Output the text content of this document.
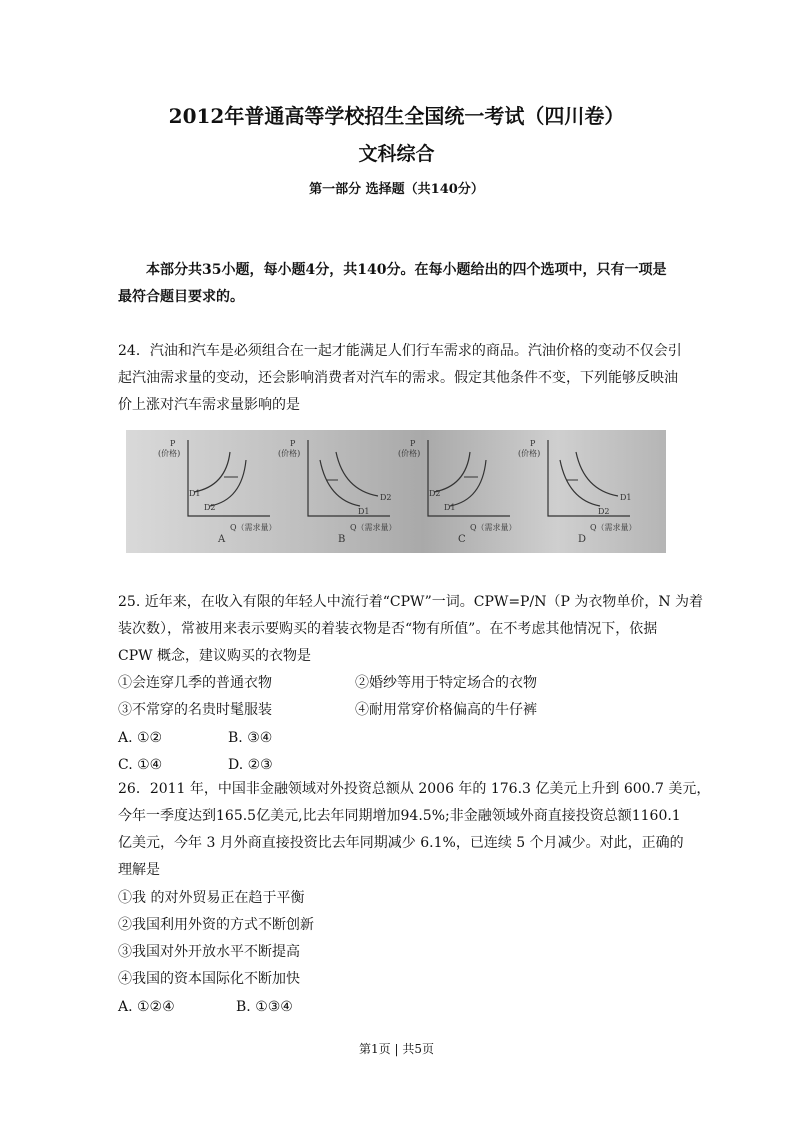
2012年普通高等学校招生全国统一考试（四川卷）
文科综合
第一部分 选择题（共140分）
本部分共35小题，每小题4分，共140分。在每小题给出的四个选项中，只有一项是
最符合题目要求的。
24．汽油和汽车是必须组合在一起才能满足人们行车需求的商品。汽油价格的变动不仅会引
起汽油需求量的变动，还会影响消费者对汽车的需求。假定其他条件不变，下列能够反映油
价上涨对汽车需求量影响的是
P
(价格)
Q（需求量）
A
D1
D2
P
(价格)
Q（需求量）
B
D2
D1
P
(价格)
Q（需求量）
C
D2
D1
P
(价格)
Q（需求量）
D
D1
D2
25. 近年来，在收入有限的年轻人中流行着“CPW”一词。CPW=P/N（P 为衣物单价，N 为着
装次数），常被用来表示要购买的着装衣物是否“物有所值”。在不考虑其他情况下，依据
CPW 概念，建议购买的衣物是
①会连穿几季的普通衣物	②婚纱等用于特定场合的衣物
③不常穿的名贵时髦服装	④耐用常穿价格偏高的牛仔裤
A. ①②	B. ③④
C. ①④	D. ②③
26．2011 年，中国非金融领域对外投资总额从 2006 年的 176.3 亿美元上升到 600.7 美元，
今年一季度达到165.5亿美元,比去年同期增加94.5%;非金融领域外商直接投资总额1160.1
亿美元，今年 3 月外商直接投资比去年同期减少 6.1%，已连续 5 个月减少。对此，正确的
理解是
①我 的对外贸易正在趋于平衡
②我国利用外资的方式不断创新
③我国对外开放水平不断提高
④我国的资本国际化不断加快
A. ①②④	B. ①③④
第1页 | 共5页
